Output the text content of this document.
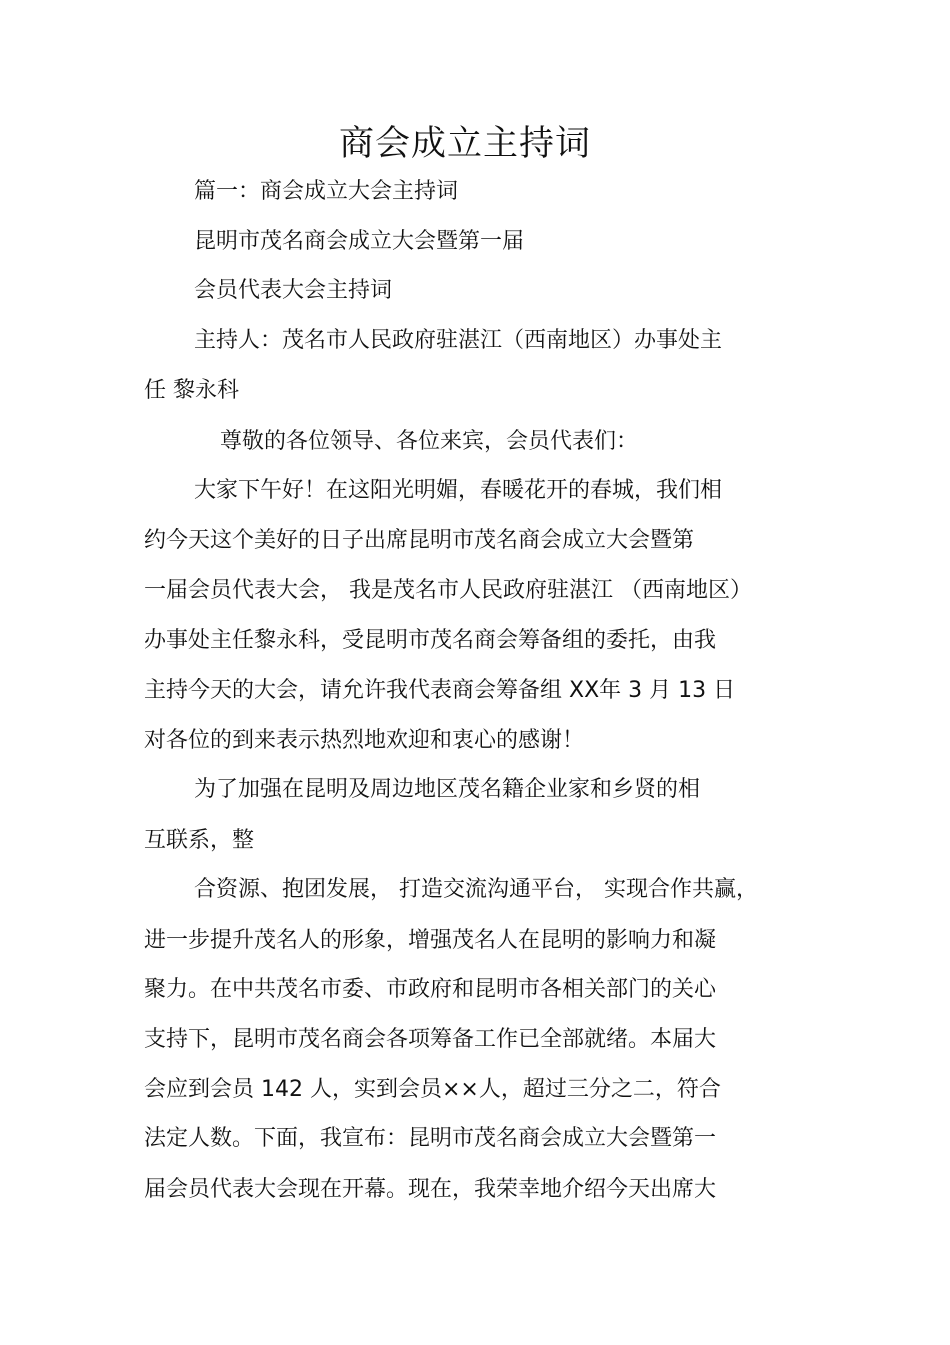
商会成立主持词
篇一：商会成立大会主持词
昆明市茂名商会成立大会暨第一届
会员代表大会主持词
主持人：茂名市人民政府驻湛江（西南地区）办事处主
任 黎永科
尊敬的各位领导、各位来宾，会员代表们：
大家下午好！在这阳光明媚，春暖花开的春城，我们相
约今天这个美好的日子出席昆明市茂名商会成立大会暨第
一届会员代表大会， 我是茂名市人民政府驻湛江 （西南地区）
办事处主任黎永科，受昆明市茂名商会筹备组的委托，由我
主持今天的大会，请允许我代表商会筹备组 XX年 3 月 13 日
对各位的到来表示热烈地欢迎和衷心的感谢！
为了加强在昆明及周边地区茂名籍企业家和乡贤的相
互联系，整
合资源、抱团发展， 打造交流沟通平台， 实现合作共赢，
进一步提升茂名人的形象，增强茂名人在昆明的影响力和凝
聚力。在中共茂名市委、市政府和昆明市各相关部门的关心
支持下，昆明市茂名商会各项筹备工作已全部就绪。本届大
会应到会员 142 人，实到会员××人，超过三分之二，符合
法定人数。下面，我宣布：昆明市茂名商会成立大会暨第一
届会员代表大会现在开幕。现在，我荣幸地介绍今天出席大
